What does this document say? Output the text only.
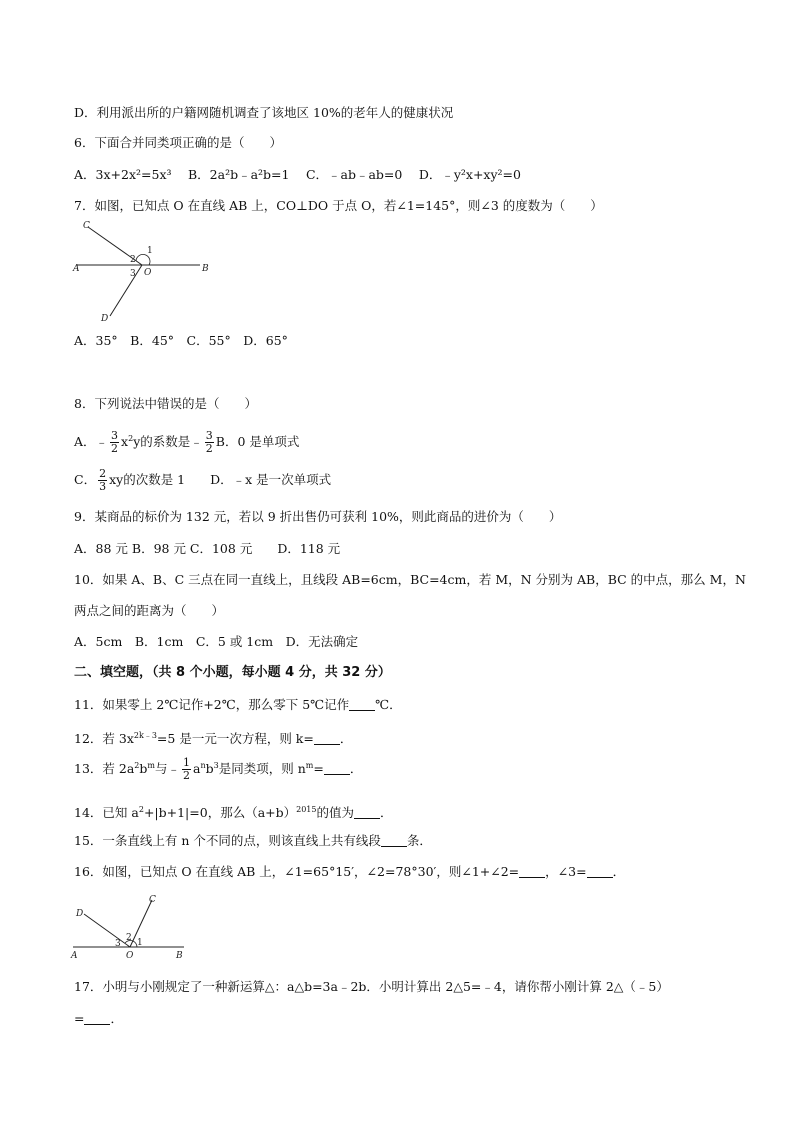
D．利用派出所的户籍网随机调查了该地区 10%的老年人的健康状况
6．下面合并同类项正确的是（　　）
A．3x+2x²=5x³　 B．2a²b﹣a²b=1　 C．﹣ab﹣ab=0　 D．﹣y²x+xy²=0
7．如图，已知点 O 在直线 AB 上，CO⊥DO 于点 O，若∠1=145°，则∠3 的度数为（　　）
C
A	B
O
D
1
2
3
A．35°　B．45°　C．55°　D．65°
8．下列说法中错误的是（　　）
A．﹣ $\frac{3}{2} x^2y$的系数是﹣ $\frac{3}{2}$ B．0 是单项式
C． $\frac{2}{3}$ xy的次数是 1　　D．﹣x 是一次单项式
9．某商品的标价为 132 元，若以 9 折出售仍可获利 10%，则此商品的进价为（　　）
A．88 元 B．98 元 C．108 元　　D．118 元
10．如果 A、B、C 三点在同一直线上，且线段 AB=6cm，BC=4cm，若 M，N 分别为 AB，BC 的中点，那么 M，N
两点之间的距离为（　　）
A．5cm　B．1cm　C．5 或 1cm　D．无法确定
二、填空题，（共 8 个小题，每小题 4 分，共 32 分）
11．如果零上 2℃记作+2℃，那么零下 5℃记作 ℃．
12．若 $3x^{2k﹣3}=5$ 是一元一次方程，则 k= ．
13．若 $2a^2b^m$与﹣ $\frac{1}{2} a^nb^3$是同类项，则 $n^m=$ ．
14．已知 $a^2+|b+1|=0$，那么$(a+b)^{2015}$的值为 ．
15．一条直线上有 n 个不同的点，则该直线上共有线段 条．
16．如图，已知点 O 在直线 AB 上，∠1=65°15′，∠2=78°30′，则∠1+∠2= ，∠3= ．
D
C
A	O	B
3
2 1
17．小明与小刚规定了一种新运算△：a△b=3a﹣2b．小明计算出 2△5=﹣4，请你帮小刚计算 2△（﹣5）
= ．
